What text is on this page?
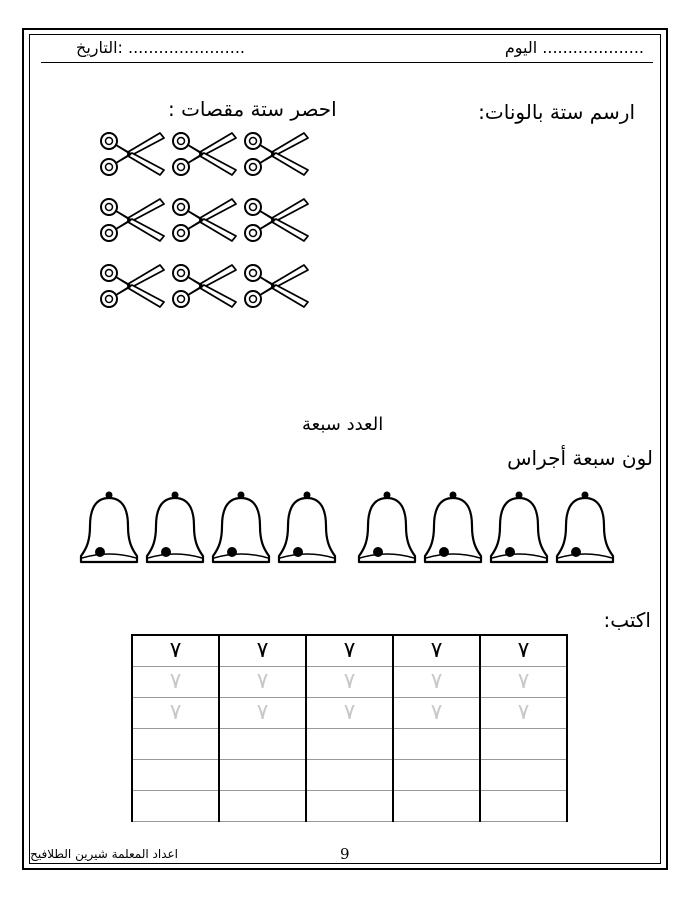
اليوم ....................
التاريخ: .......................
ارسم ستة بالونات:
احصر ستة مقصات :
العدد سبعة
لون سبعة أجراس
اكتب:
٧	٧	٧	٧	٧
٧	٧	٧	٧	٧
٧	٧	٧	٧	٧

9
اعداد المعلمة شيرين الطلافيح
